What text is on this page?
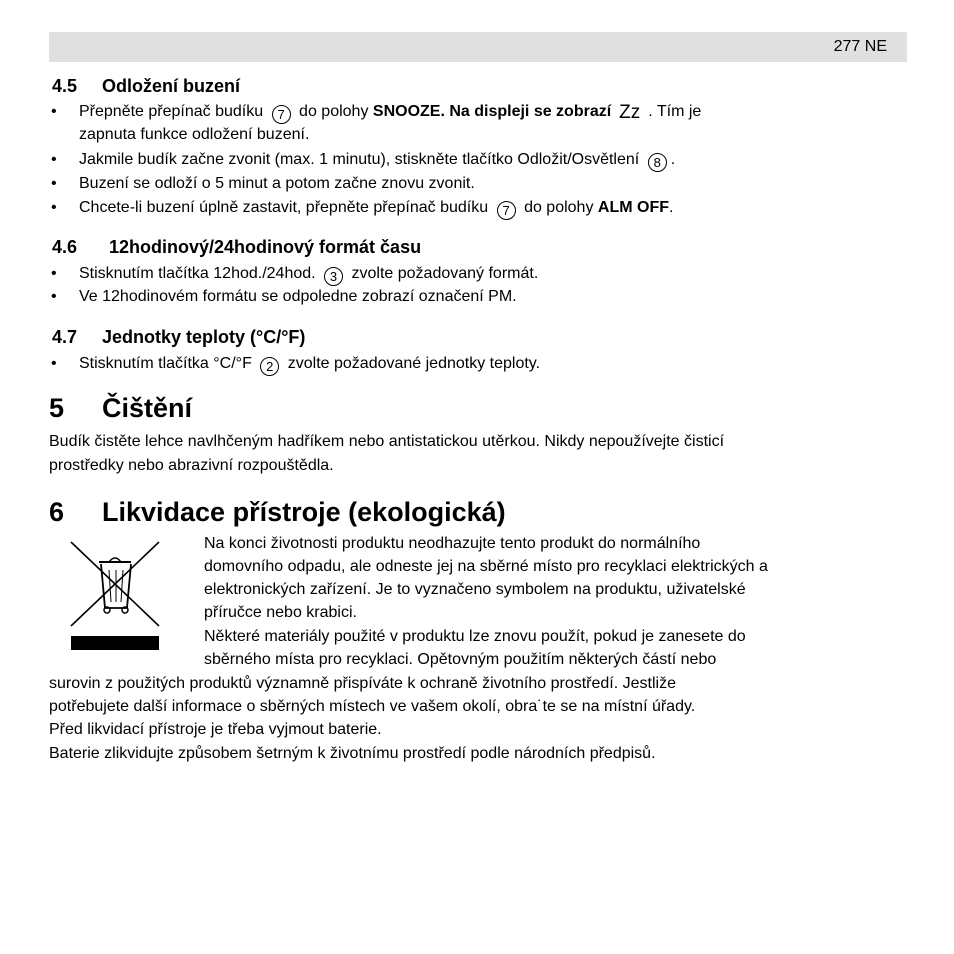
277 NE
4.5 Odložení buzení
• Přepněte přepínač budíku 7 do polohy SNOOZE. Na displeji se zobrazí Zz . Tím je
zapnuta funkce odložení buzení.
• Jakmile budík začne zvonit (max. 1 minutu), stiskněte tlačítko Odložit/Osvětlení 8 .
• Buzení se odloží o 5 minut a potom začne znovu zvonit.
• Chcete-li buzení úplně zastavit, přepněte přepínač budíku 7 do polohy ALM OFF.
4.6 12hodinový/24hodinový formát času
• Stisknutím tlačítka 12hod./24hod. 3 zvolte požadovaný formát.
• Ve 12hodinovém formátu se odpoledne zobrazí označení PM.
4.7 Jednotky teploty (°C/°F)
• Stisknutím tlačítka °C/°F 2 zvolte požadované jednotky teploty.
5 Čištění
Budík čistěte lehce navlhčeným hadříkem nebo antistatickou utěrkou. Nikdy nepoužívejte čisticí
prostředky nebo abrazivní rozpouštědla.
6 Likvidace přístroje (ekologická)
Na konci životnosti produktu neodhazujte tento produkt do normálního
domovního odpadu, ale odneste jej na sběrné místo pro recyklaci elektrických a
elektronických zařízení. Je to vyznačeno symbolem na produktu, uživatelské
příručce nebo krabici.
Některé materiály použité v produktu lze znovu použít, pokud je zanesete do
sběrného místa pro recyklaci. Opětovným použitím některých částí nebo
surovin z použitých produktů významně přispíváte k ochraně životního prostředí. Jestliže
potřebujete další informace o sběrných místech ve vašem okolí, obra˙te se na místní úřady.
Před likvidací přístroje je třeba vyjmout baterie.
Baterie zlikvidujte způsobem šetrným k životnímu prostředí podle národních předpisů.
